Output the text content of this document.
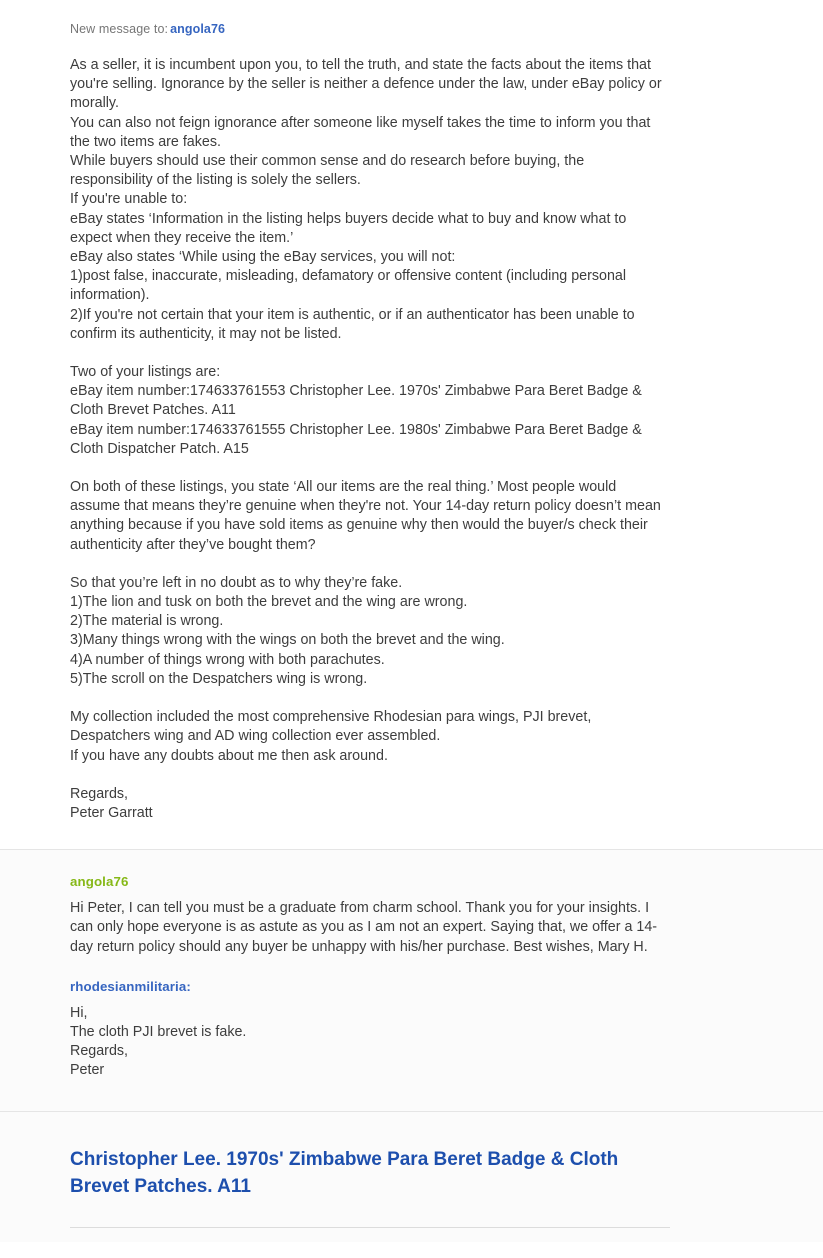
New message to: angola76

As a seller, it is incumbent upon you, to tell the truth, and state the facts about the items that you're selling. Ignorance by the seller is neither a defence under the law, under eBay policy or morally.

You can also not feign ignorance after someone like myself takes the time to inform you that the two items are fakes.

While buyers should use their common sense and do research before buying, the responsibility of the listing is solely the sellers.

If you're unable to:

eBay states ‘Information in the listing helps buyers decide what to buy and know what to expect when they receive the item.’

eBay also states ‘While using the eBay services, you will not:

1)post false, inaccurate, misleading, defamatory or offensive content (including personal information).

2)If you're not certain that your item is authentic, or if an authenticator has been unable to confirm its authenticity, it may not be listed.

Two of your listings are:

eBay item number:174633761553 Christopher Lee. 1970s' Zimbabwe Para Beret Badge & Cloth Brevet Patches. A11

eBay item number:174633761555 Christopher Lee. 1980s' Zimbabwe Para Beret Badge & Cloth Dispatcher Patch. A15

On both of these listings, you state ‘All our items are the real thing.’ Most people would assume that means they’re genuine when they're not. Your 14-day return policy doesn’t mean anything because if you have sold items as genuine why then would the buyer/s check their authenticity after they’ve bought them?

So that you’re left in no doubt as to why they’re fake.

1)The lion and tusk on both the brevet and the wing are wrong.

2)The material is wrong.

3)Many things wrong with the wings on both the brevet and the wing.

4)A number of things wrong with both parachutes.

5)The scroll on the Despatchers wing is wrong.

My collection included the most comprehensive Rhodesian para wings, PJI brevet, Despatchers wing and AD wing collection ever assembled.

If you have any doubts about me then ask around.

Regards,

Peter Garratt

angola76

Hi Peter, I can tell you must be a graduate from charm school. Thank you for your insights. I can only hope everyone is as astute as you as I am not an expert. Saying that, we offer a 14-day return policy should any buyer be unhappy with his/her purchase. Best wishes, Mary H.

rhodesianmilitaria:

Hi,

The cloth PJI brevet is fake.

Regards,

Peter

Christopher Lee. 1970s' Zimbabwe Para Beret Badge & Cloth Brevet Patches. A11
